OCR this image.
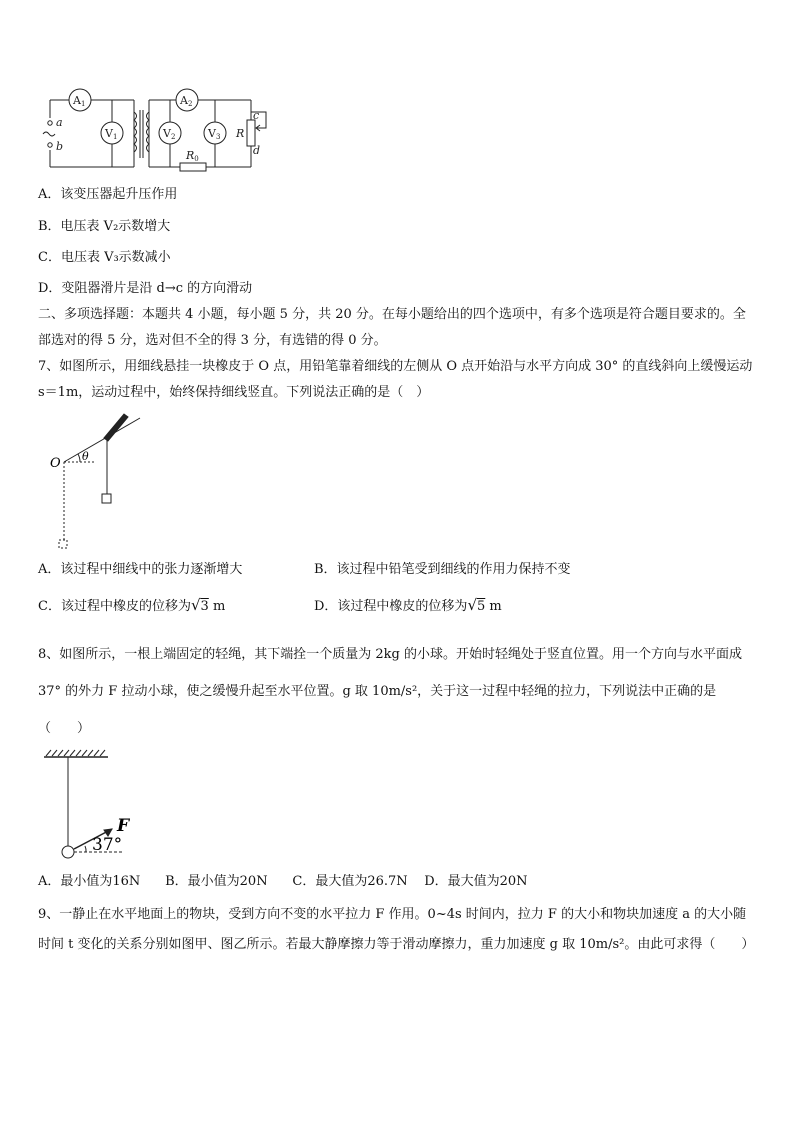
A1	A2
V1	V2	V3
a
b
R
R0
c
d
A．该变压器起升压作用
B．电压表 V₂示数增大
C．电压表 V₃示数减小
D．变阻器滑片是沿 d→c 的方向滑动
二、多项选择题：本题共 4 小题，每小题 5 分，共 20 分。在每小题给出的四个选项中，有多个选项是符合题目要求的。全部选对的得 5 分，选对但不全的得 3 分，有选错的得 0 分。
7、如图所示，用细线悬挂一块橡皮于 O 点，用铅笔靠着细线的左侧从 O 点开始沿与水平方向成 30° 的直线斜向上缓慢运动 s＝1m，运动过程中，始终保持细线竖直。下列说法正确的是（　）
O θ
A．该过程中细线中的张力逐渐增大	B．该过程中铅笔受到细线的作用力保持不变
C．该过程中橡皮的位移为√3 m	D．该过程中橡皮的位移为√5 m
8、如图所示，一根上端固定的轻绳，其下端拴一个质量为 2kg 的小球。开始时轻绳处于竖直位置。用一个方向与水平面成 37° 的外力 F 拉动小球，使之缓慢升起至水平位置。g 取 10m/s²，关于这一过程中轻绳的拉力，下列说法中正确的是（　　）
F
37°
A．最小值为16N B．最小值为20N C．最大值为26.7N D．最大值为20N
9、一静止在水平地面上的物块，受到方向不变的水平拉力 F 作用。0~4s 时间内，拉力 F 的大小和物块加速度 a 的大小随时间 t 变化的关系分别如图甲、图乙所示。若最大静摩擦力等于滑动摩擦力，重力加速度 g 取 10m/s²。由此可求得（　　）
